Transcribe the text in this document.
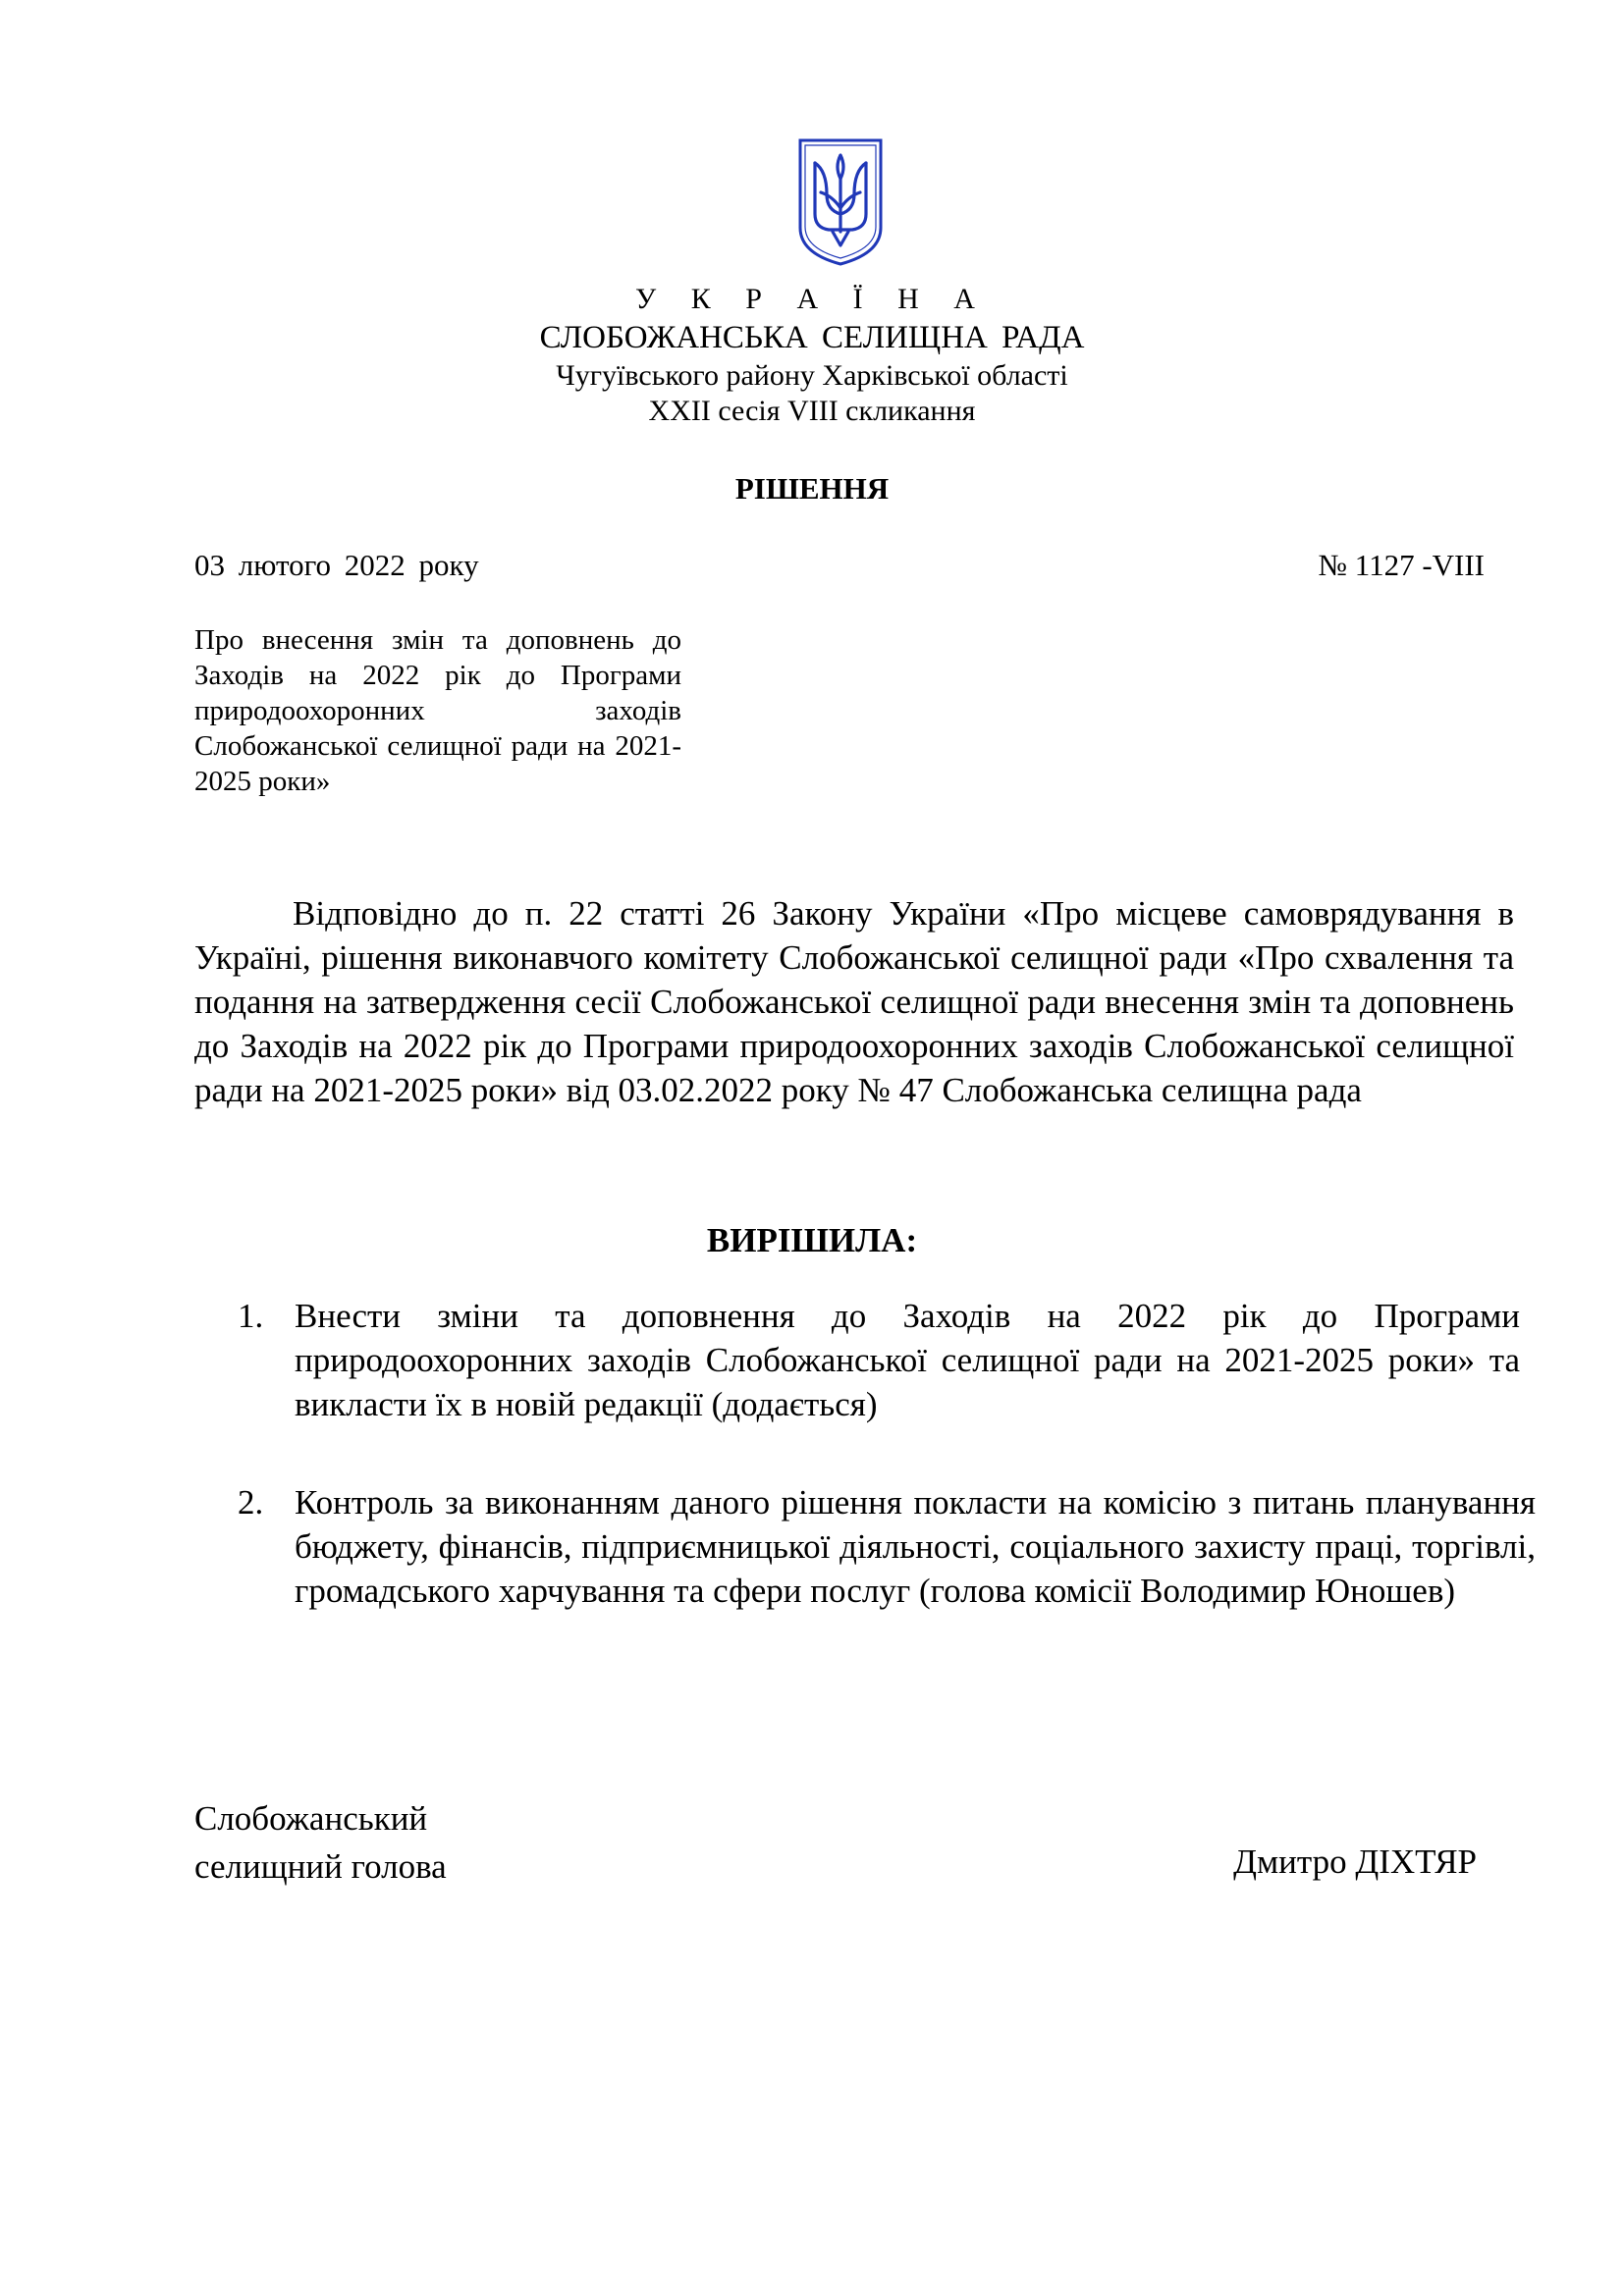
У К Р А Ї Н А
СЛОБОЖАНСЬКА СЕЛИЩНА РАДА
Чугуївського району Харківської області
XXII сесія VIII скликання
РІШЕННЯ
03 лютого 2022 року	№ 1127 -VIII
Про внесення змін та доповнень до Заходів на 2022 рік до Програми природоохоронних заходів Слобожанської селищної ради на 2021-2025 роки»
Відповідно до п. 22 статті 26 Закону України «Про місцеве самоврядування в Україні, рішення виконавчого комітету Слобожанської селищної ради «Про схвалення та подання на затвердження сесії Слобожанської селищної ради внесення змін та доповнень до Заходів на 2022 рік до Програми природоохоронних заходів Слобожанської селищної ради на 2021-2025 роки» від 03.02.2022 року № 47 Слобожанська селищна рада
ВИРІШИЛА:
1. Внести зміни та доповнення до Заходів на 2022 рік до Програми природоохоронних заходів Слобожанської селищної ради на 2021-2025 роки» та викласти їх в новій редакції (додається)
2. Контроль за виконанням даного рішення покласти на комісію з питань планування бюджету, фінансів, підприємницької діяльності, соціального захисту праці, торгівлі, громадського харчування та сфери послуг (голова комісії Володимир Юношев)
Слобожанський
селищний голова	Дмитро ДІХТЯР
